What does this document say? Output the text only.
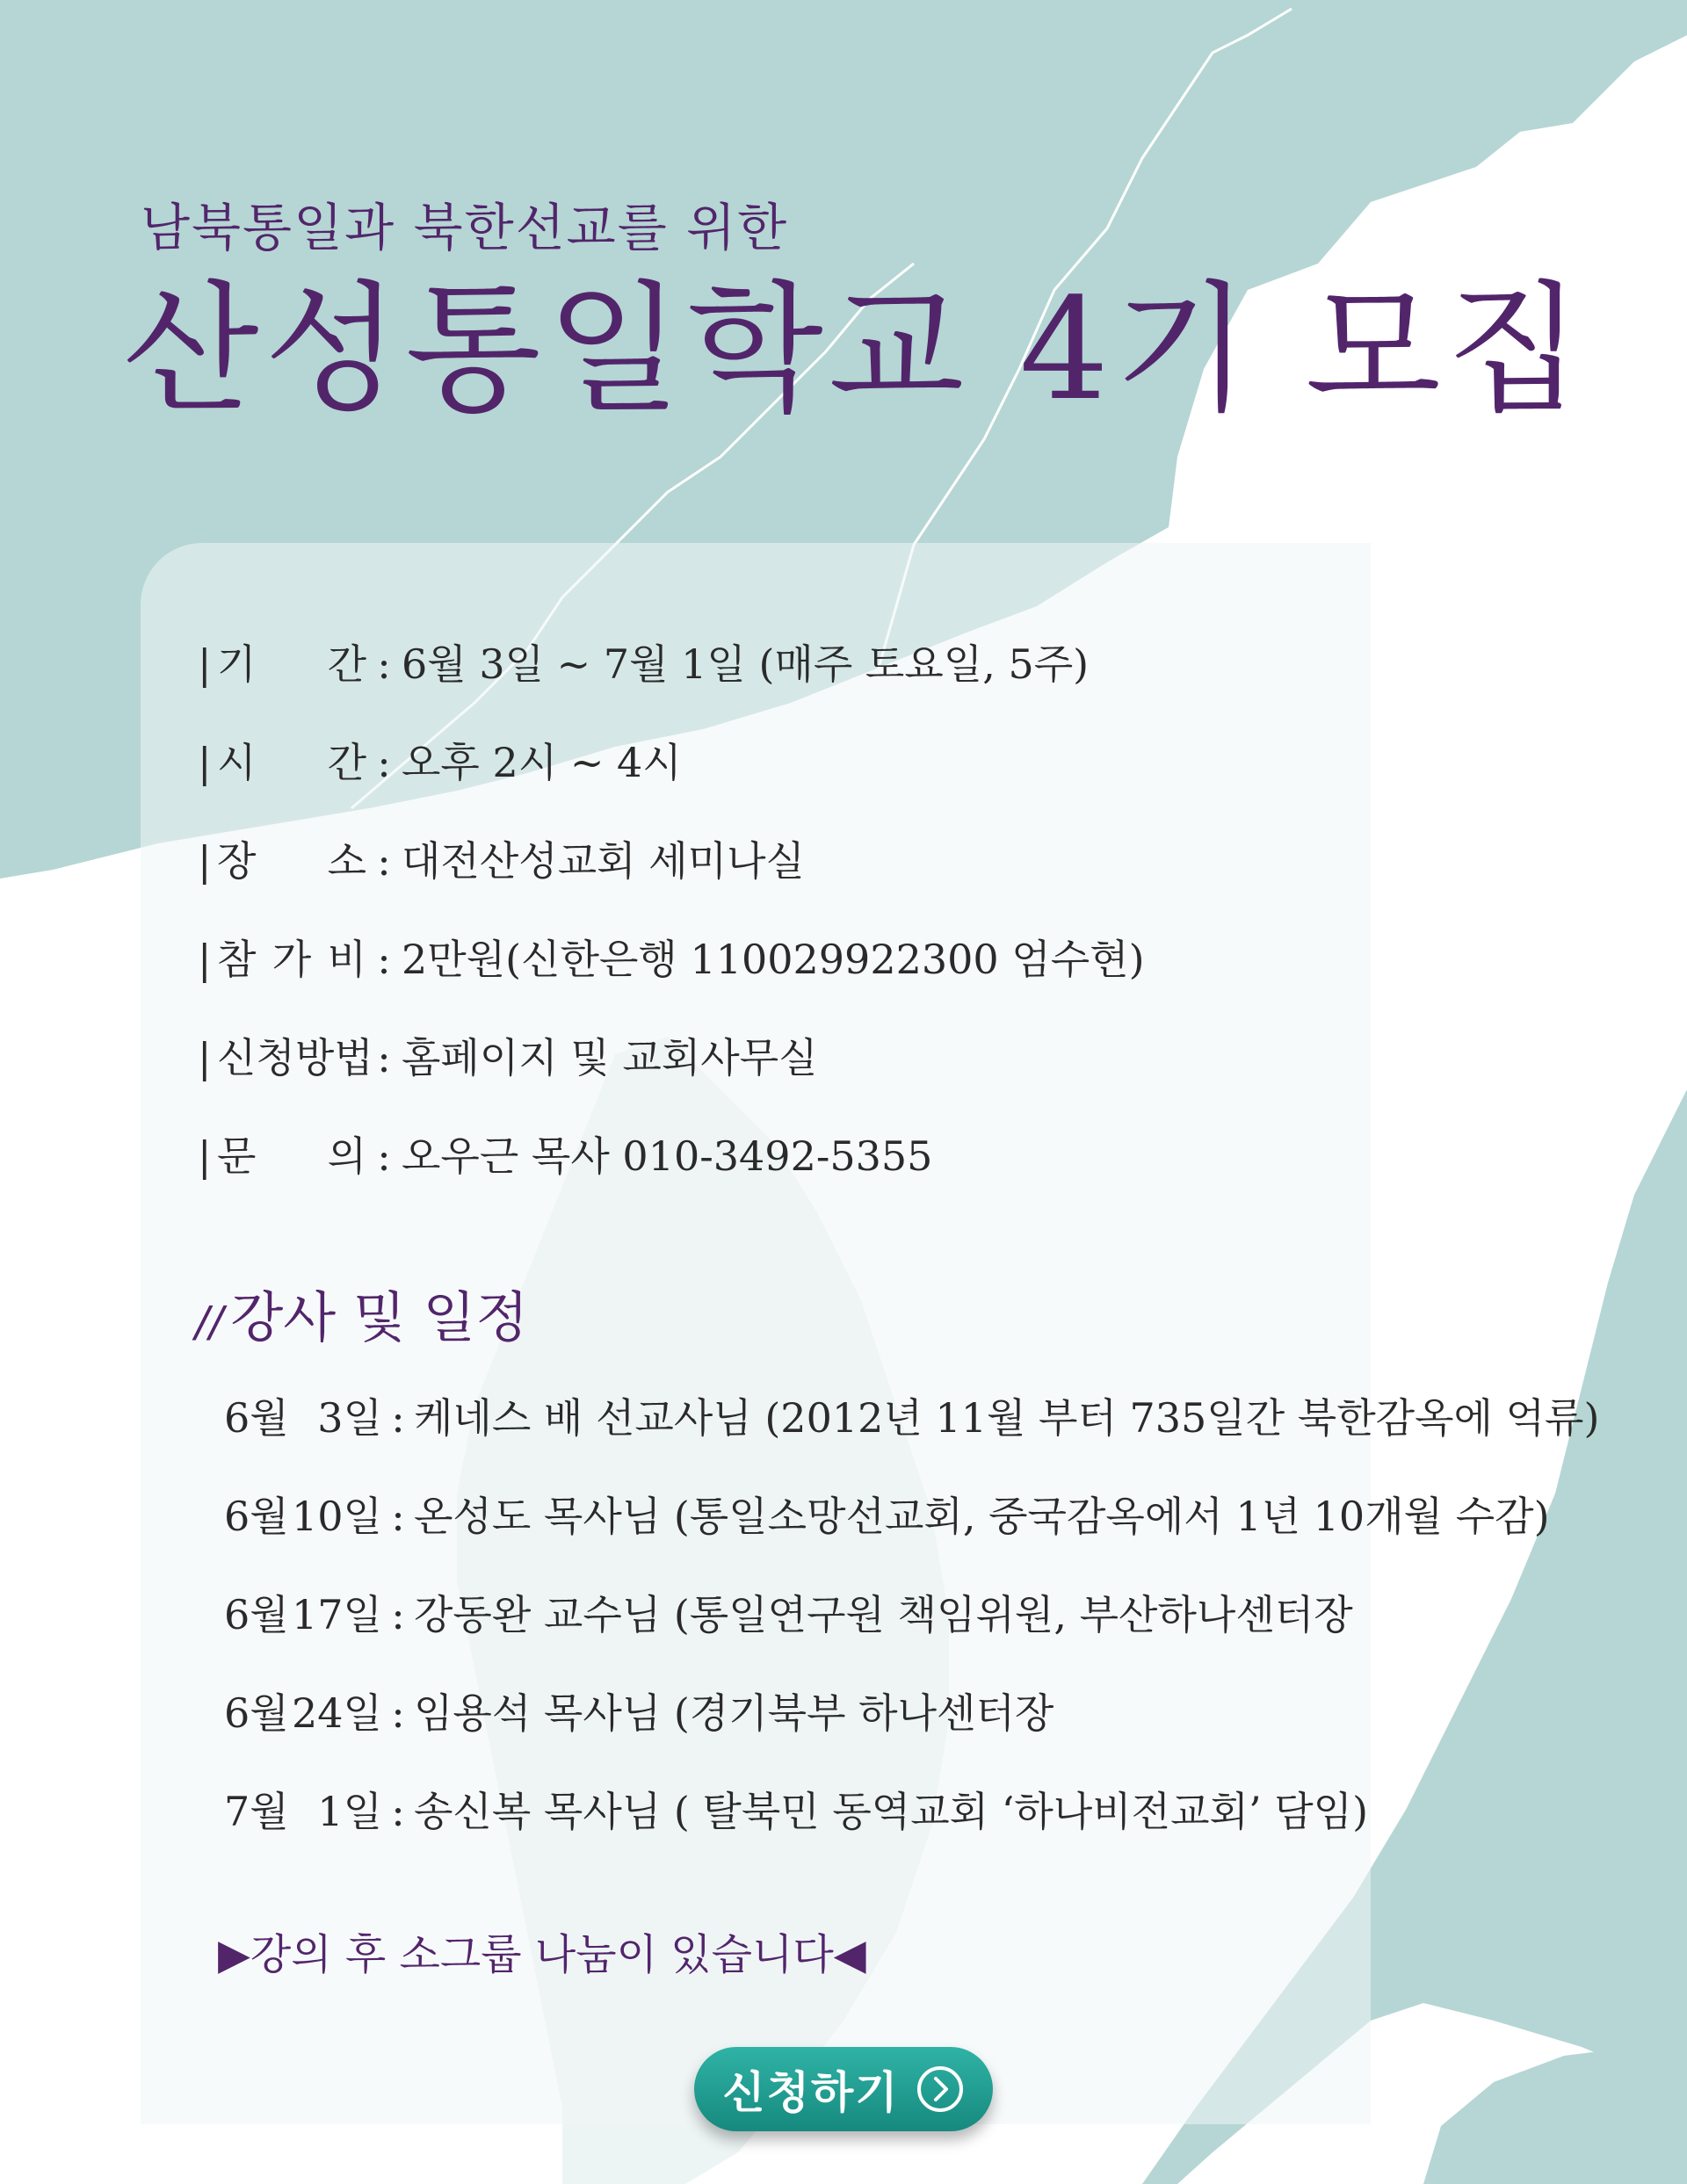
남북통일과 북한선교를 위한
산성통일학교 4기 모집
| 기 간 : 6월 3일 ~ 7월 1일 (매주 토요일, 5주)
| 시 간 : 오후 2시 ~ 4시
| 장 소 : 대전산성교회 세미나실
| 참 가 비 : 2만원(신한은행 110029922300 엄수현)
| 신청방법 : 홈페이지 및 교회사무실
| 문 의 : 오우근 목사 010-3492-5355
// 강사 및 일정
6월 3일 : 케네스 배 선교사님 (2012년 11월 부터 735일간 북한감옥에 억류)
6월 10일 : 온성도 목사님 (통일소망선교회, 중국감옥에서 1년 10개월 수감)
6월 17일 : 강동완 교수님 (통일연구원 책임위원, 부산하나센터장
6월 24일 : 임용석 목사님 (경기북부 하나센터장
7월 1일 : 송신복 목사님 ( 탈북민 동역교회 ‘하나비전교회’ 담임)
▶강의 후 소그룹 나눔이 있습니다◀
신청하기
